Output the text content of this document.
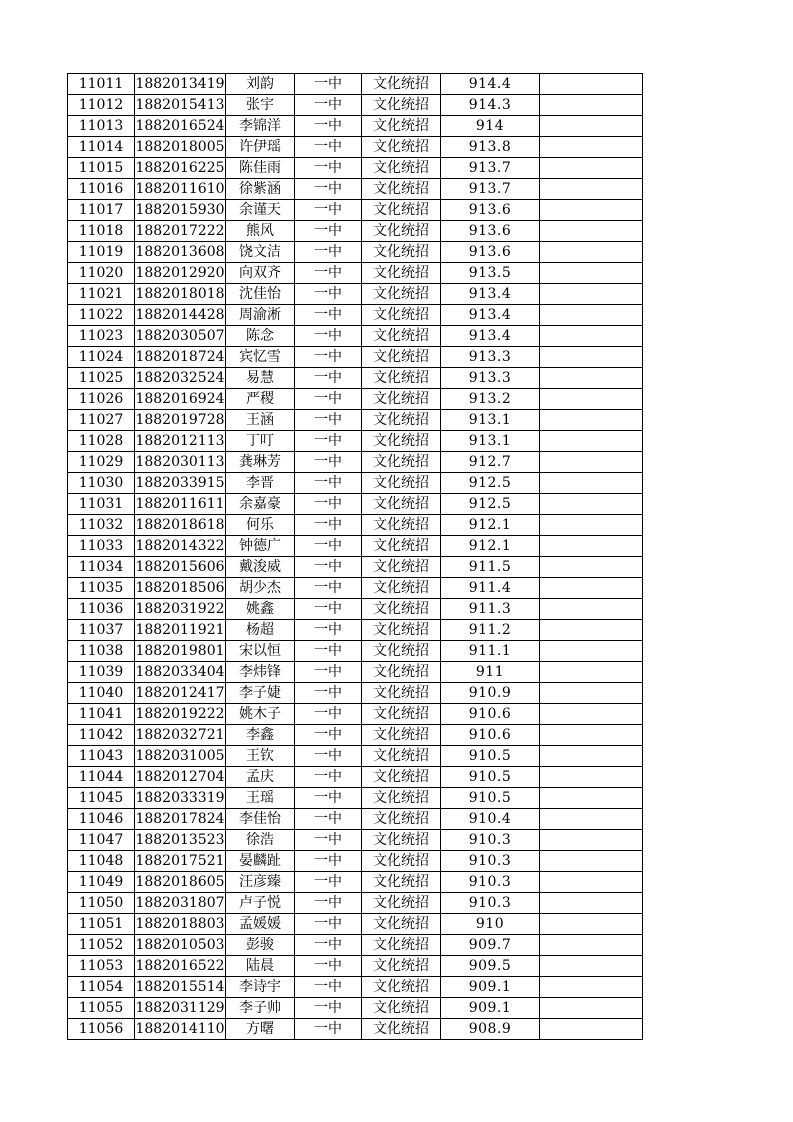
11011	1882013419	刘韵	一中	文化统招	914.4	
11012	1882015413	张宇	一中	文化统招	914.3	
11013	1882016524	李锦洋	一中	文化统招	914	
11014	1882018005	许伊瑶	一中	文化统招	913.8	
11015	1882016225	陈佳雨	一中	文化统招	913.7	
11016	1882011610	徐紫涵	一中	文化统招	913.7	
11017	1882015930	余谨天	一中	文化统招	913.6	
11018	1882017222	熊风	一中	文化统招	913.6	
11019	1882013608	饶文洁	一中	文化统招	913.6	
11020	1882012920	向双齐	一中	文化统招	913.5	
11021	1882018018	沈佳怡	一中	文化统招	913.4	
11022	1882014428	周渝淅	一中	文化统招	913.4	
11023	1882030507	陈念	一中	文化统招	913.4	
11024	1882018724	宾忆雪	一中	文化统招	913.3	
11025	1882032524	易慧	一中	文化统招	913.3	
11026	1882016924	严稷	一中	文化统招	913.2	
11027	1882019728	王涵	一中	文化统招	913.1	
11028	1882012113	丁叮	一中	文化统招	913.1	
11029	1882030113	龚琳芳	一中	文化统招	912.7	
11030	1882033915	李晋	一中	文化统招	912.5	
11031	1882011611	余嘉豪	一中	文化统招	912.5	
11032	1882018618	何乐	一中	文化统招	912.1	
11033	1882014322	钟德广	一中	文化统招	912.1	
11034	1882015606	戴浚威	一中	文化统招	911.5	
11035	1882018506	胡少杰	一中	文化统招	911.4	
11036	1882031922	姚鑫	一中	文化统招	911.3	
11037	1882011921	杨超	一中	文化统招	911.2	
11038	1882019801	宋以恒	一中	文化统招	911.1	
11039	1882033404	李炜锋	一中	文化统招	911	
11040	1882012417	李子婕	一中	文化统招	910.9	
11041	1882019222	姚木子	一中	文化统招	910.6	
11042	1882032721	李鑫	一中	文化统招	910.6	
11043	1882031005	王钦	一中	文化统招	910.5	
11044	1882012704	孟庆	一中	文化统招	910.5	
11045	1882033319	王瑶	一中	文化统招	910.5	
11046	1882017824	李佳怡	一中	文化统招	910.4	
11047	1882013523	徐浩	一中	文化统招	910.3	
11048	1882017521	晏麟趾	一中	文化统招	910.3	
11049	1882018605	汪彦臻	一中	文化统招	910.3	
11050	1882031807	卢子悦	一中	文化统招	910.3	
11051	1882018803	孟媛媛	一中	文化统招	910	
11052	1882010503	彭骏	一中	文化统招	909.7	
11053	1882016522	陆晨	一中	文化统招	909.5	
11054	1882015514	李诗宇	一中	文化统招	909.1	
11055	1882031129	李子帅	一中	文化统招	909.1	
11056	1882014110	方曙	一中	文化统招	908.9	
